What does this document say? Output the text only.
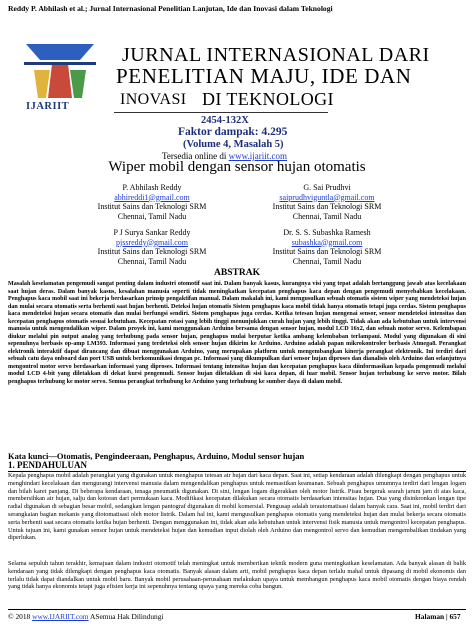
Reddy P. Abhilash et al.; Jurnal Internasional Penelitian Lanjutan, Ide dan Inovasi dalam Teknologi
IJARIIT
JURNAL INTERNASIONAL DARI
PENELITIAN MAJU, IDE DAN
INOVASI DI TEKNOLOGI
2454-132X
Faktor dampak: 4.295
(Volume 4, Masalah 5)
Tersedia online di www.ijariit.com
Wiper mobil dengan sensor hujan otomatis
P. Abhilash Reddy
abhireddi1@gmail.com
Institut Sains dan Teknologi SRM
Chennai, Tamil Nadu
G. Sai Prudhvi
saiprudhviguntla@gmail.com
Institut Sains dan Teknologi SRM
Chennai, Tamil Nadu
P J Surya Sankar Reddy
pjssreddy@gmail.com
Institut Sains dan Teknologi SRM
Chennai, Tamil Nadu
Dr. S. S. Subashka Ramesh
subashka@gmail.com
Institut Sains dan Teknologi SRM
Chennai, Tamil Nadu
ABSTRAK
Masalah keselamatan pengemudi sangat penting dalam industri otomotif saat ini. Dalam banyak kasus, kurangnya visi yang tepat adalah bertanggung jawab atas kecelakaan saat hujan deras. Dalam banyak kasus, kesalahan manusia seperti tidak meningkatkan kecepatan penghapus kaca depan dengan pengemudi menyebabkan kecelakaan. Penghapus kaca mobil saat ini bekerja berdasarkan prinsip pengaktifan manual. Dalam makalah ini, kami mengusulkan sebuah otomatis sistem wiper yang mendeteksi hujan dan mulai secara otomatis serta berhenti saat hujan berhenti. Deteksi hujan otomatis Sistem penghapus kaca mobil tidak hanya otomatis tetapi juga cerdas. Sistem penghapus kaca mendeteksi hujan secara otomatis dan mulai berfungsi sendiri. Sistem penghapus juga cerdas. Ketika tetesan hujan mengenai sensor, sensor mendeteksi intensitas dan kecepatan penghapus otomatis sesuai kebutuhan. Kecepatan rotasi yang lebih tinggi menunjukkan curah hujan yang lebih tinggi. Tidak akan ada kebutuhan untuk intervensi manusia untuk mengendalikan wiper. Dalam proyek ini, kami menggunakan Arduino bersama dengan sensor hujan, modul LCD 16x2, dan sebuah motor servo. Kelembapan diukur melalui pin output analog yang terhubung pada sensor hujan, penghapus mulai berputar ketika ambang kelembaban terlampaui. Modul yang digunakan di sini sepenuhnya berbasis op-amp LM393. Informasi yang terdeteksi oleh sensor hujan dikirim ke Arduino. Arduino adalah papan mikrokontroler berbasis Atmega8. Perangkat elektronik interaktif dapat dirancang dan dibuat menggunakan Arduino, yang merupakan platform untuk mengembangkan kinerja perangkat elektronik. Ini terdiri dari sebuah catu daya onboard dan port USB untuk berkomunikasi dengan pc. Informasi yang dikumpulkan dari sensor hujan diproses dan dianalisis oleh Arduino dan selanjutnya mengontrol motor servo berdasarkan informasi yang diproses. Informasi tentang intensitas hujan dan kecepatan penghapus kaca diinformasikan kepada pengemudi melalui modul LCD 4-bit yang diletakkan di dekat kursi pengemudi. Sensor hujan diletakkan di sisi kaca depan, di luar mobil. Sensor hujan terhubung ke servo motor. Bilah penghapus terhubung ke motor servo. Semua perangkat terhubung ke Arduino yang terhubung ke sumber daya di dalam mobil.
Kata kunci—Otomatis, Pengindeeraan, Penghapus, Arduino, Modul sensor hujan
1. PENDAHULUAN
Kepala penghapus mobil adalah perangkat yang digunakan untuk menghapus tetesan air hujan dari kaca depan. Saat ini, setiap kendaraan adalah dilengkapi dengan penghapus untuk menghindari kecelakaan dan mengurangi intervensi manusia dalam mengendalikan penghapus untuk memastikan keamanan. Sebuah penghapus umumnya terdiri dari lengan logam dan bilah karet panjang. Di beberapa kendaraan, tenaga pneumatik digunakan. Di sini, lengan logam digerakkan oleh motor listrik. Pisau bergerak searah jarum jam di atas kaca, membersihkan air hujan, salju dan kotoran dari permukaan kaca. Modifikasi kecepatan dilakukan secara otomatis berdasarkan intensitas hujan. Dua yang disinkronkan lengan tipe radial digunakan di sebagian besar mobil, sedangkan lengan pantograf digunakan di mobil komersial. Pengusap adalah terautomatisasi dalam banyak cara. Saat ini, mobil terdiri dari serangkaian bagian mekanis yang diotomatisasi oleh motor listrik. Dalam hal ini, kami mengusulkan penghapus otomatis yang mendeteksi hujan dan mulai bekerja secara otomatis serta berhenti saat secara otomatis ketika hujan berhenti. Dengan menggunakan ini, tidak akan ada kebutuhan untuk intervensi fisik manusia untuk mengontrol kecepatan penghapus. Untuk tujuan ini, kami gunakan sensor hujan untuk mendeteksi hujan dan kemudian input diolah oleh Arduino dan mengontrol servo dan kemudian mengembalikan tindakan yang diperlukan.
Selama sepuluh tahun terakhir, kemajuan dalam industri otomotif telah meningkat untuk memberikan teknik modern guna meningkatkan keselamatan. Ada banyak alasan di balik kendaraan yang tidak dilengkapi dengan penghapus kaca otomatis. Banyak alasan dalam arti, mobil penghapus kaca depan terlalu mahal untuk dipasang di mobil ekonomis dan terlalu tidak dapat diandalkan untuk mobil baru. Banyak mobil perusahaan-perusahaan melakukan upaya untuk membangun penghapus kaca mobil otomatis dengan biaya rendah yang tidak hanya ekonomis tetapi juga efisien kerja ini sepenuhnya tentang upaya yang mereka coba bangun.
© 2018 www.IJARIIT.com ASemua Hak Dilindungi	Halaman | 657
